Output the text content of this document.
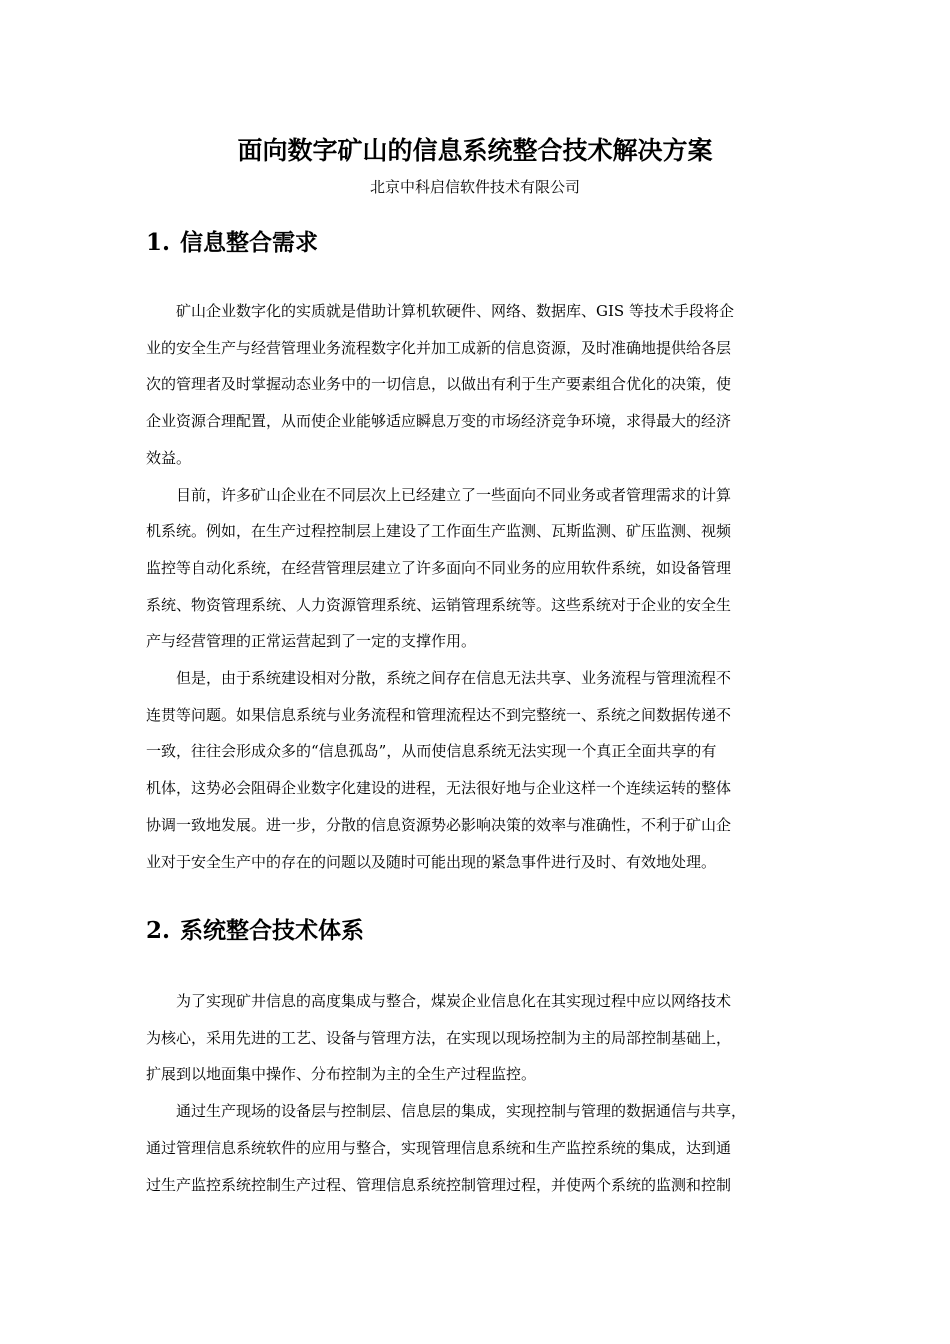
面向数字矿山的信息系统整合技术解决方案

北京中科启信软件技术有限公司

1. 信息整合需求

矿山企业数字化的实质就是借助计算机软硬件、网络、数据库、GIS 等技术手段将企
业的安全生产与经营管理业务流程数字化并加工成新的信息资源，及时准确地提供给各层
次的管理者及时掌握动态业务中的一切信息，以做出有利于生产要素组合优化的决策，使
企业资源合理配置，从而使企业能够适应瞬息万变的市场经济竞争环境，求得最大的经济
效益。

目前，许多矿山企业在不同层次上已经建立了一些面向不同业务或者管理需求的计算
机系统。例如，在生产过程控制层上建设了工作面生产监测、瓦斯监测、矿压监测、视频
监控等自动化系统，在经营管理层建立了许多面向不同业务的应用软件系统，如设备管理
系统、物资管理系统、人力资源管理系统、运销管理系统等。这些系统对于企业的安全生
产与经营管理的正常运营起到了一定的支撑作用。

但是，由于系统建设相对分散，系统之间存在信息无法共享、业务流程与管理流程不
连贯等问题。如果信息系统与业务流程和管理流程达不到完整统一、系统之间数据传递不
一致，往往会形成众多的“信息孤岛”，从而使信息系统无法实现一个真正全面共享的有
机体，这势必会阻碍企业数字化建设的进程，无法很好地与企业这样一个连续运转的整体
协调一致地发展。进一步，分散的信息资源势必影响决策的效率与准确性，不利于矿山企
业对于安全生产中的存在的问题以及随时可能出现的紧急事件进行及时、有效地处理。

2. 系统整合技术体系

为了实现矿井信息的高度集成与整合，煤炭企业信息化在其实现过程中应以网络技术
为核心，采用先进的工艺、设备与管理方法，在实现以现场控制为主的局部控制基础上，
扩展到以地面集中操作、分布控制为主的全生产过程监控。

通过生产现场的设备层与控制层、信息层的集成，实现控制与管理的数据通信与共享，
通过管理信息系统软件的应用与整合，实现管理信息系统和生产监控系统的集成，达到通
过生产监控系统控制生产过程、管理信息系统控制管理过程，并使两个系统的监测和控制
